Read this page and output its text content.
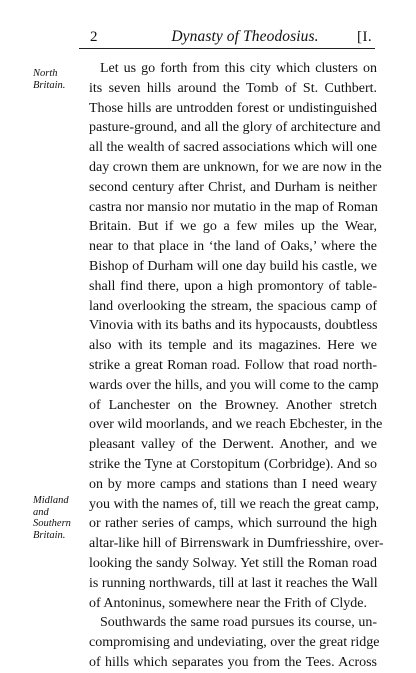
2	Dynasty of Theodosius.	[I.
North
Britain.
Midland
and
Southern
Britain.
Let us go forth from this city which clusters on
its seven hills around the Tomb of St. Cuthbert.
Those hills are untrodden forest or undistinguished
pasture-ground, and all the glory of architecture and
all the wealth of sacred associations which will one
day crown them are unknown, for we are now in the
second century after Christ, and Durham is neither
castra nor mansio nor mutatio in the map of Roman
Britain. But if we go a few miles up the Wear,
near to that place in ‘the land of Oaks,’ where the
Bishop of Durham will one day build his castle, we
shall find there, upon a high promontory of table-
land overlooking the stream, the spacious camp of
Vinovia with its baths and its hypocausts, doubtless
also with its temple and its magazines. Here we
strike a great Roman road. Follow that road north-
wards over the hills, and you will come to the camp
of Lanchester on the Browney. Another stretch
over wild moorlands, and we reach Ebchester, in the
pleasant valley of the Derwent. Another, and we
strike the Tyne at Corstopitum (Corbridge). And so
on by more camps and stations than I need weary
you with the names of, till we reach the great camp,
or rather series of camps, which surround the high
altar-like hill of Birrenswark in Dumfriesshire, over-
looking the sandy Solway. Yet still the Roman road
is running northwards, till at last it reaches the Wall
of Antoninus, somewhere near the Frith of Clyde.
Southwards the same road pursues its course, un-
compromising and undeviating, over the great ridge
of hills which separates you from the Tees. Across
